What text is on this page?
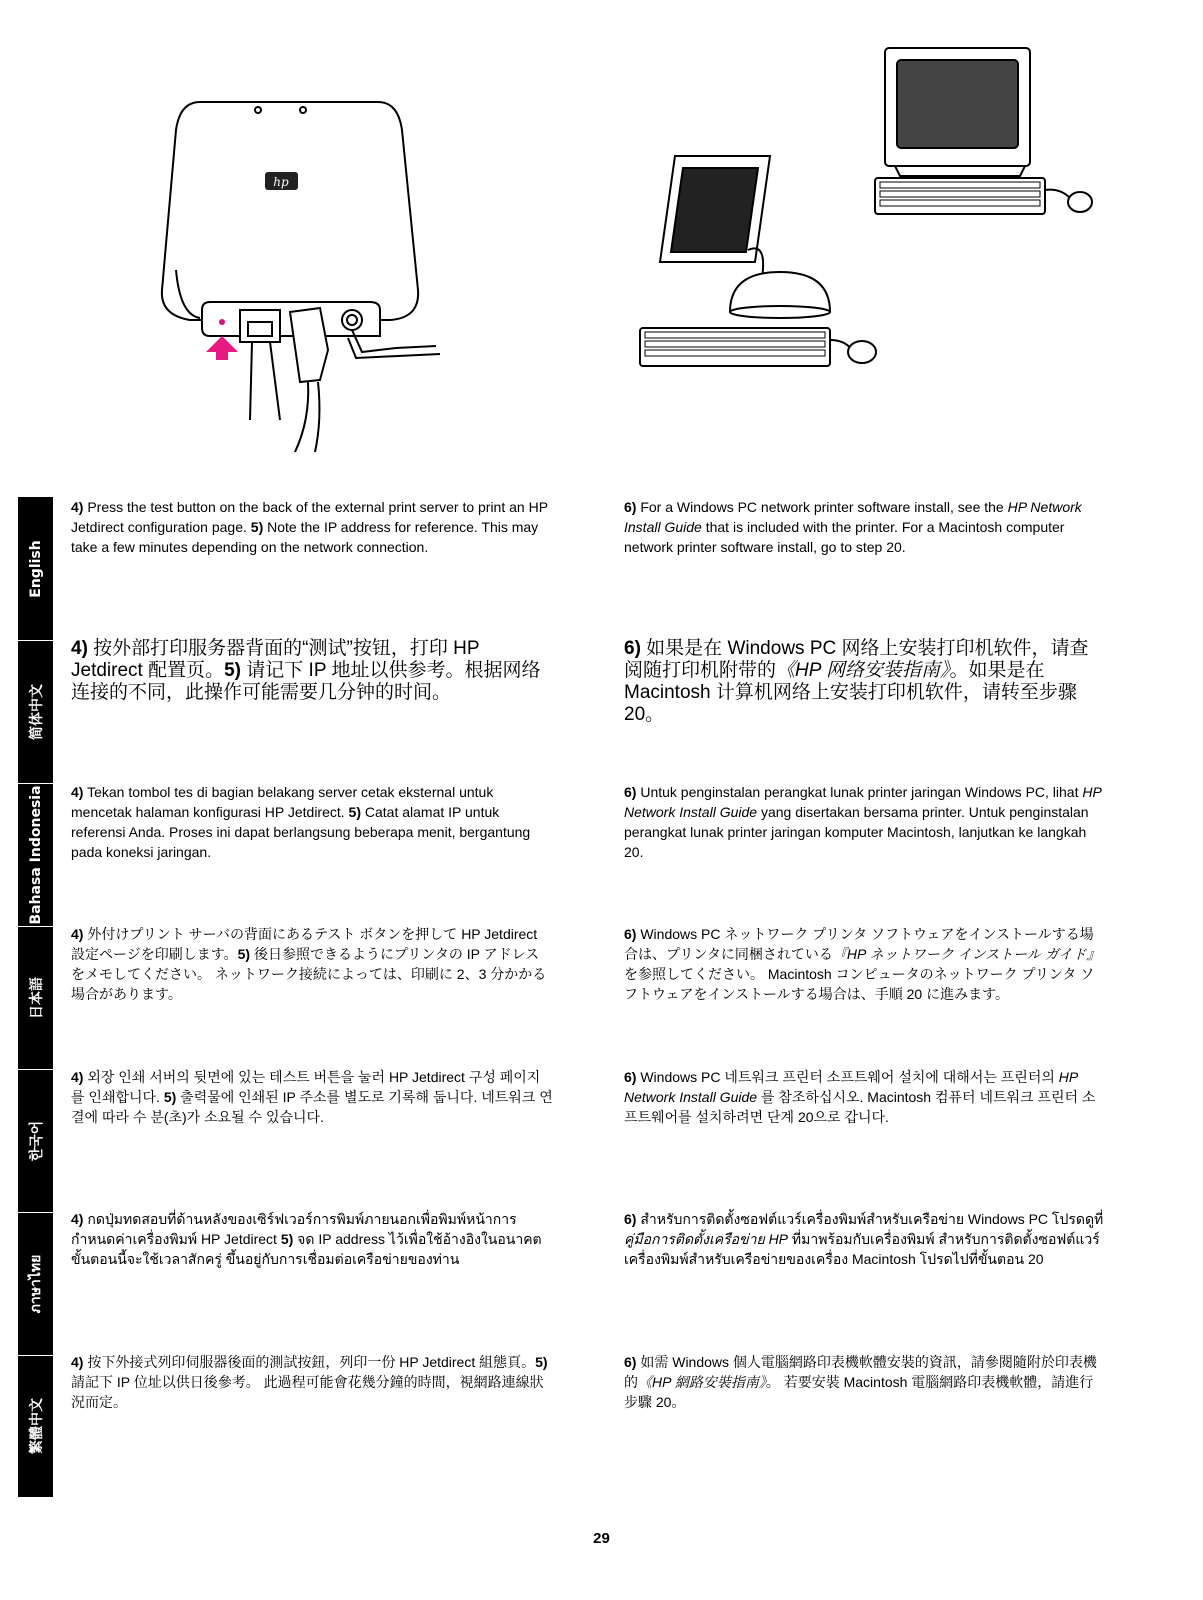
hp
English
简体中文
Bahasa Indonesia
日本語
한국어
ภาษาไทย
繁體中文
4) Press the test button on the back of the external print server to print an HP Jetdirect configuration page. 5) Note the IP address for reference. This may take a few minutes depending on the network connection.
6) For a Windows PC network printer software install, see the HP Network Install Guide that is included with the printer. For a Macintosh computer network printer software install, go to step 20.
4) 按外部打印服务器背面的“测试”按钮，打印 HP Jetdirect 配置页。5) 请记下 IP 地址以供参考。根据网络连接的不同，此操作可能需要几分钟的时间。
6) 如果是在 Windows PC 网络上安装打印机软件，请查阅随打印机附带的《HP 网络安装指南》。如果是在 Macintosh 计算机网络上安装打印机软件，请转至步骤 20。
4) Tekan tombol tes di bagian belakang server cetak eksternal untuk mencetak halaman konfigurasi HP Jetdirect. 5) Catat alamat IP untuk referensi Anda. Proses ini dapat berlangsung beberapa menit, bergantung pada koneksi jaringan.
6) Untuk penginstalan perangkat lunak printer jaringan Windows PC, lihat HP Network Install Guide yang disertakan bersama printer. Untuk penginstalan perangkat lunak printer jaringan komputer Macintosh, lanjutkan ke langkah 20.
4) 外付けプリント サーバの背面にあるテスト ボタンを押して HP Jetdirect 設定ページを印刷します。5) 後日参照できるようにプリンタの IP アドレスをメモしてください。 ネットワーク接続によっては、印刷に 2、3 分かかる場合があります。
6) Windows PC ネットワーク プリンタ ソフトウェアをインストールする場合は、プリンタに同梱されている『HP ネットワーク インストール ガイド』を参照してください。 Macintosh コンピュータのネットワーク プリンタ ソフトウェアをインストールする場合は、手順 20 に進みます。
4) 외장 인쇄 서버의 뒷면에 있는 테스트 버튼을 눌러 HP Jetdirect 구성 페이지를 인쇄합니다. 5) 출력물에 인쇄된 IP 주소를 별도로 기록해 둡니다. 네트워크 연결에 따라 수 분(초)가 소요될 수 있습니다.
6) Windows PC 네트워크 프린터 소프트웨어 설치에 대해서는 프린터의 HP Network Install Guide 를 참조하십시오. Macintosh 컴퓨터 네트워크 프린터 소프트웨어를 설치하려면 단계 20으로 갑니다.
4) กดปุ่มทดสอบที่ด้านหลังของเซิร์ฟเวอร์การพิมพ์ภายนอกเพื่อพิมพ์หน้าการกำหนดค่าเครื่องพิมพ์ HP Jetdirect 5) จด IP address ไว้เพื่อใช้อ้างอิงในอนาคต ขั้นตอนนี้จะใช้เวลาสักครู่ ขึ้นอยู่กับการเชื่อมต่อเครือข่ายของท่าน
6) สำหรับการติดตั้งซอฟต์แวร์เครื่องพิมพ์สำหรับเครือข่าย Windows PC โปรดดูที่ คู่มือการติดตั้งเครือข่าย HP ที่มาพร้อมกับเครื่องพิมพ์ สำหรับการติดตั้งซอฟต์แวร์เครื่องพิมพ์สำหรับเครือข่ายของเครื่อง Macintosh โปรดไปที่ขั้นตอน 20
4) 按下外接式列印伺服器後面的測試按鈕，列印一份 HP Jetdirect 組態頁。5) 請記下 IP 位址以供日後參考。 此過程可能會花幾分鐘的時間，視網路連線狀況而定。
6) 如需 Windows 個人電腦網路印表機軟體安裝的資訊，請參閱隨附於印表機的《HP 網路安裝指南》。 若要安裝 Macintosh 電腦網路印表機軟體，請進行步驟 20。
29
